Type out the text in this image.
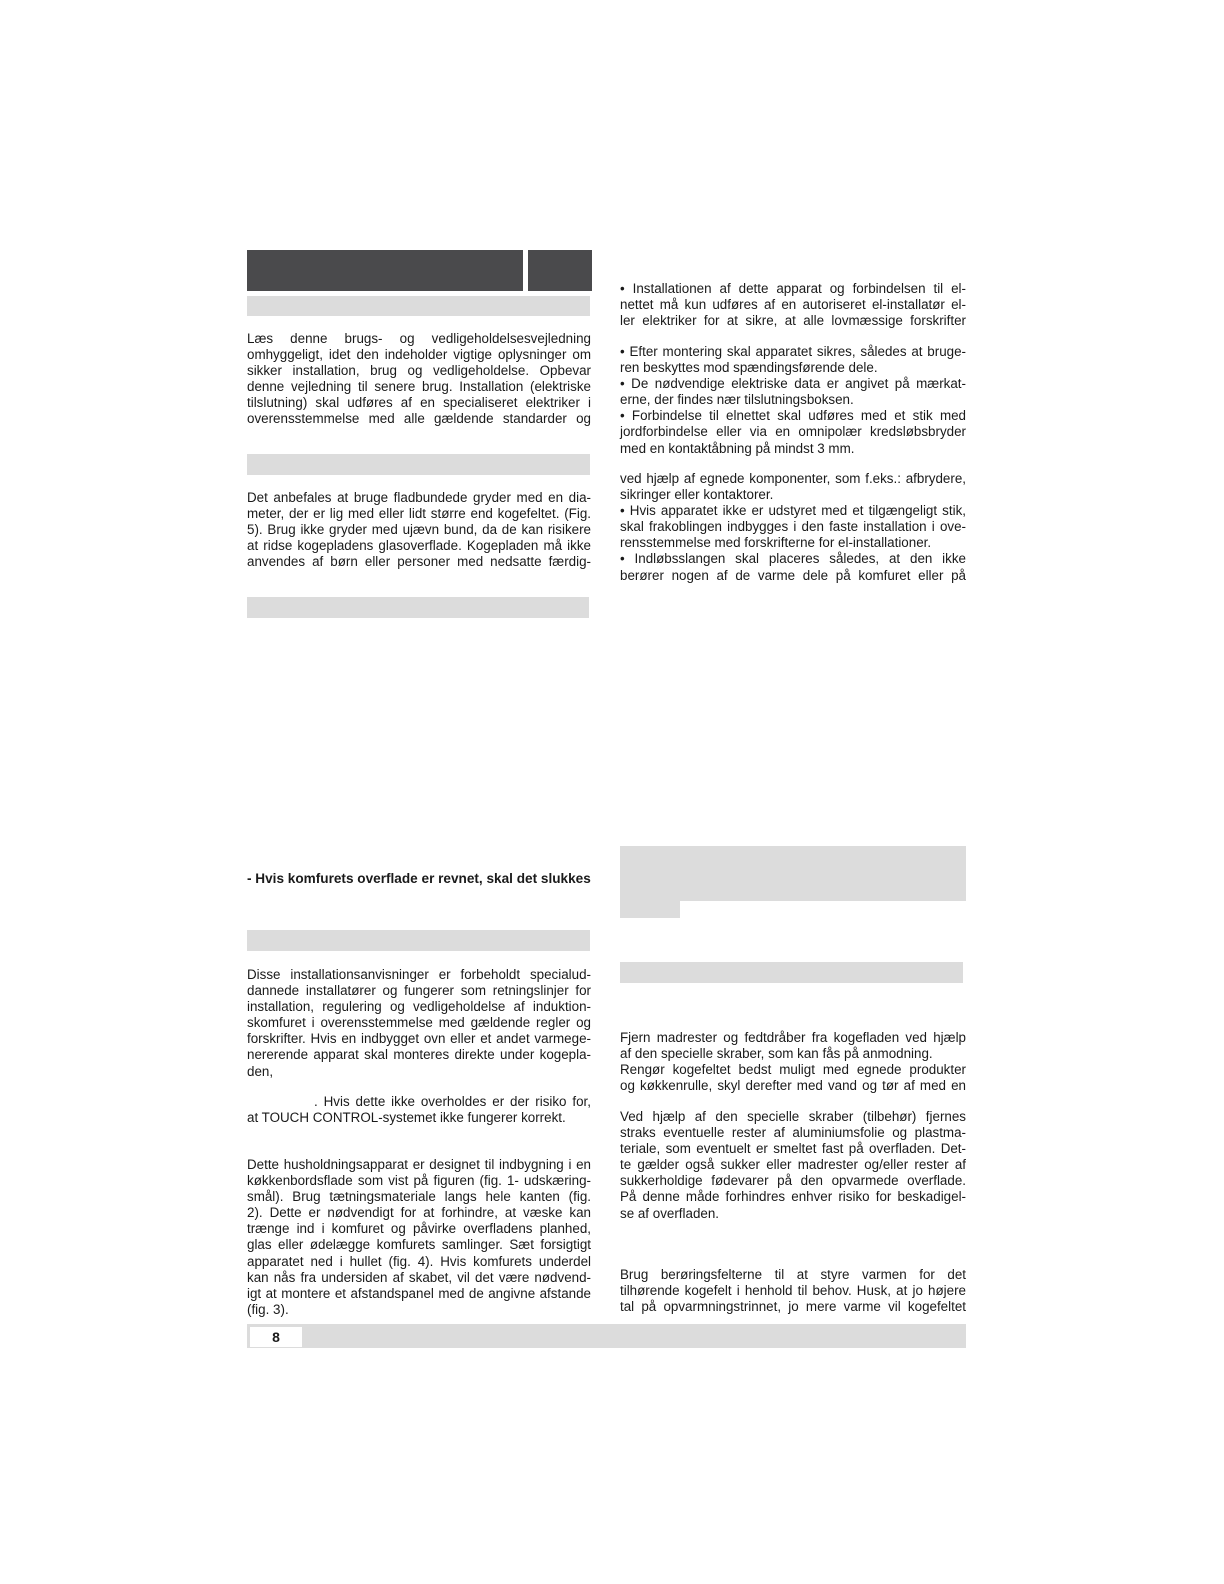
8
Læs denne brugs- og vedligeholdelsesvejledning
omhyggeligt, idet den indeholder vigtige oplysninger om
sikker installation, brug og vedligeholdelse. Opbevar
denne vejledning til senere brug. Installation (elektriske
tilslutning) skal udføres af en specialiseret elektriker i
overensstemmelse med alle gældende standarder og
Det anbefales at bruge fladbundede gryder med en dia-
meter, der er lig med eller lidt større end kogefeltet. (Fig.
5). Brug ikke gryder med ujævn bund, da de kan risikere
at ridse kogepladens glasoverflade. Kogepladen må ikke
anvendes af børn eller personer med nedsatte færdig-
- Hvis komfurets overflade er revnet, skal det slukkes
Disse installationsanvisninger er forbeholdt specialud-
dannede installatører og fungerer som retningslinjer for
installation, regulering og vedligeholdelse af induktion-
skomfuret i overensstemmelse med gældende regler og
forskrifter. Hvis en indbygget ovn eller et andet varmege-
nererende apparat skal monteres direkte under kogepla-
den,
. Hvis dette ikke overholdes er der risiko for,
at TOUCH CONTROL-systemet ikke fungerer korrekt.
Dette husholdningsapparat er designet til indbygning i en
køkkenbordsflade som vist på figuren (fig. 1- udskæring-
smål). Brug tætningsmateriale langs hele kanten (fig.
2). Dette er nødvendigt for at forhindre, at væske kan
trænge ind i komfuret og påvirke overfladens planhed,
glas eller ødelægge komfurets samlinger. Sæt forsigtigt
apparatet ned i hullet (fig. 4). Hvis komfurets underdel
kan nås fra undersiden af skabet, vil det være nødvend-
igt at montere et afstandspanel med de angivne afstande
(fig. 3).
• Installationen af dette apparat og forbindelsen til el-
nettet må kun udføres af en autoriseret el-installatør el-
ler elektriker for at sikre, at alle lovmæssige forskrifter
• Efter montering skal apparatet sikres, således at bruge-
ren beskyttes mod spændingsførende dele.
• De nødvendige elektriske data er angivet på mærkat-
erne, der findes nær tilslutningsboksen.
• Forbindelse til elnettet skal udføres med et stik med
jordforbindelse eller via en omnipolær kredsløbsbryder
med en kontaktåbning på mindst 3 mm.
ved hjælp af egnede komponenter, som f.eks.: afbrydere,
sikringer eller kontaktorer.
• Hvis apparatet ikke er udstyret med et tilgængeligt stik,
skal frakoblingen indbygges i den faste installation i ove-
rensstemmelse med forskrifterne for el-installationer.
• Indløbsslangen skal placeres således, at den ikke
berører nogen af de varme dele på komfuret eller på
Fjern madrester og fedtdråber fra kogefladen ved hjælp
af den specielle skraber, som kan fås på anmodning.
Rengør kogefeltet bedst muligt med egnede produkter
og køkkenrulle, skyl derefter med vand og tør af med en
Ved hjælp af den specielle skraber (tilbehør) fjernes
straks eventuelle rester af aluminiumsfolie og plastma-
teriale, som eventuelt er smeltet fast på overfladen. Det-
te gælder også sukker eller madrester og/eller rester af
sukkerholdige fødevarer på den opvarmede overflade.
På denne måde forhindres enhver risiko for beskadigel-
se af overfladen.
Brug berøringsfelterne til at styre varmen for det
tilhørende kogefelt i henhold til behov. Husk, at jo højere
tal på opvarmningstrinnet, jo mere varme vil kogefeltet
